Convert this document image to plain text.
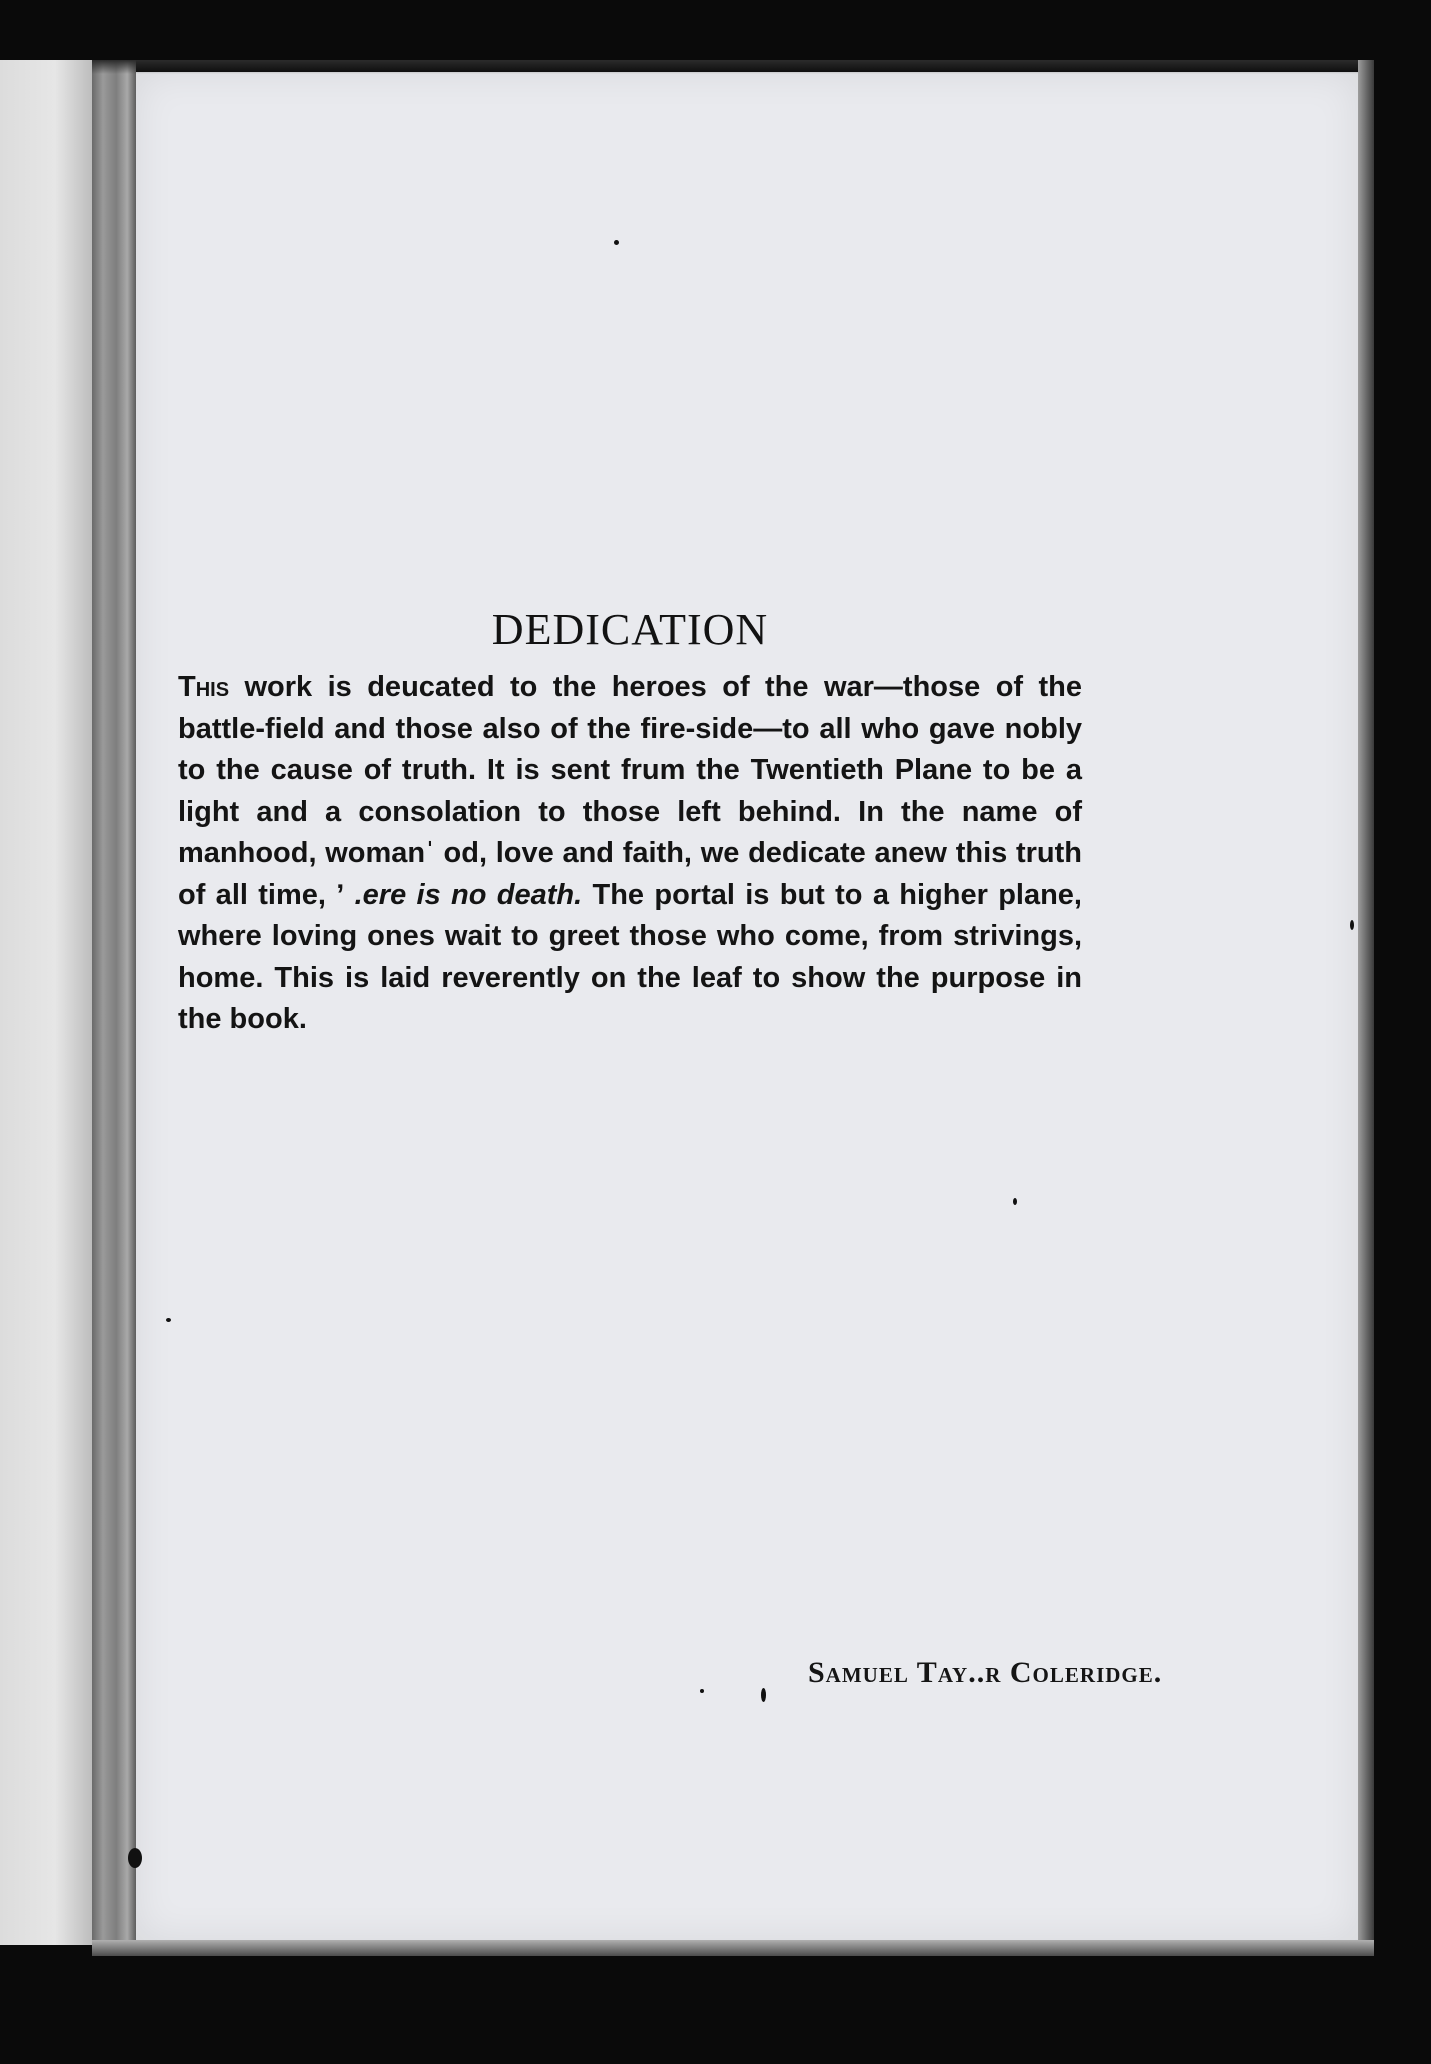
DEDICATION

This work is deucated to the heroes of the war—those of the battle-field and those also of the fire-side—to all who gave nobly to the cause of truth. It is sent frum the Twentieth Plane to be a light and a consolation to those left behind. In the name of manhood, womanˈ od, love and faith, we dedicate anew this truth of all time, ʼ .ere is no death. The portal is but to a higher plane, where loving ones wait to greet those who come, from strivings, home. This is laid reverently on the leaf to show the purpose in the book.

Samuel Tay..r Coleridge.
